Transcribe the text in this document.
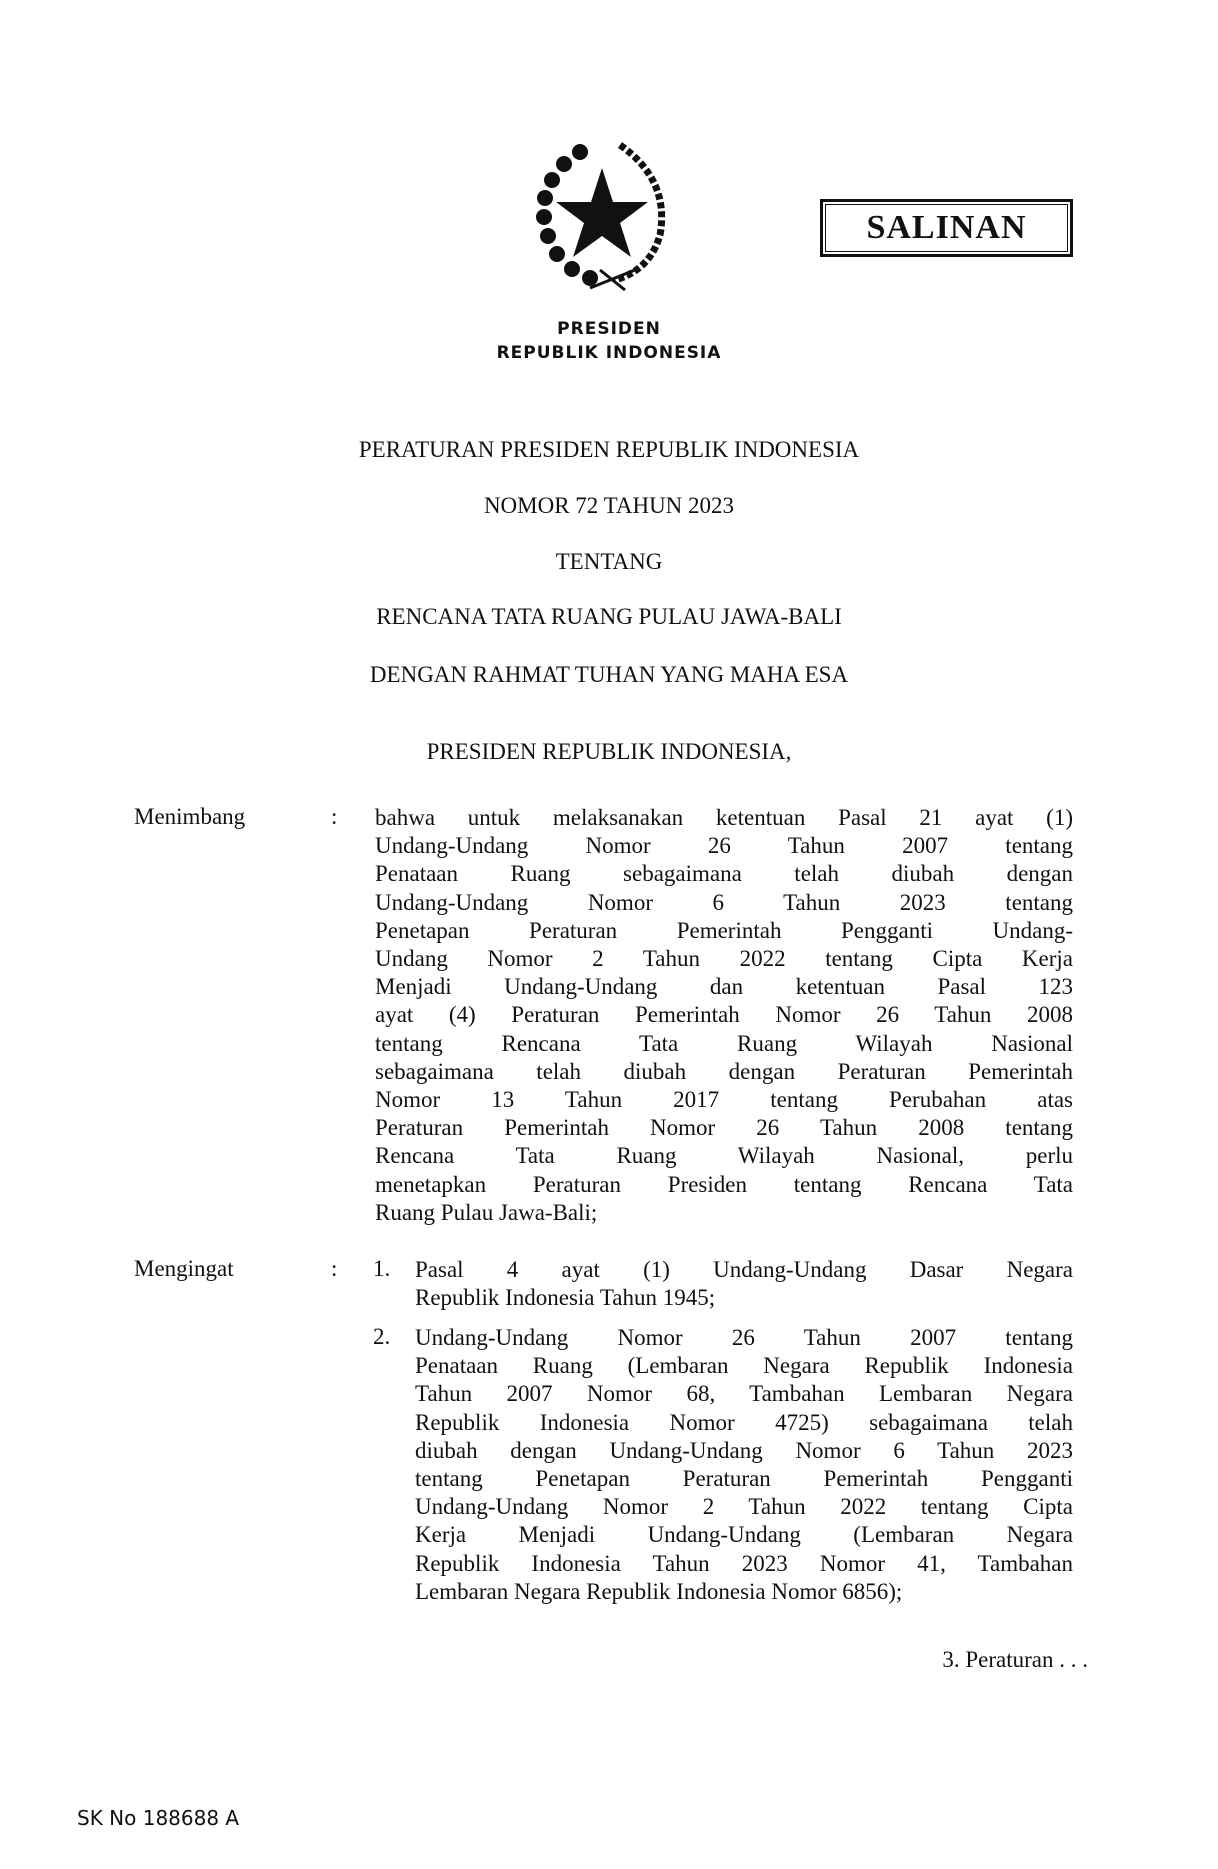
SALINAN
PRESIDEN
REPUBLIK INDONESIA
PERATURAN PRESIDEN REPUBLIK INDONESIA
NOMOR 72 TAHUN 2023
TENTANG
RENCANA TATA RUANG PULAU JAWA-BALI
DENGAN RAHMAT TUHAN YANG MAHA ESA
PRESIDEN REPUBLIK INDONESIA,
Menimbang	: bahwa untuk melaksanakan ketentuan Pasal 21 ayat (1)
Undang-Undang Nomor 26 Tahun 2007 tentang
Penataan Ruang sebagaimana telah diubah dengan
Undang-Undang Nomor 6 Tahun 2023 tentang
Penetapan Peraturan Pemerintah Pengganti Undang-
Undang Nomor 2 Tahun 2022 tentang Cipta Kerja
Menjadi Undang-Undang dan ketentuan Pasal 123
ayat (4) Peraturan Pemerintah Nomor 26 Tahun 2008
tentang Rencana Tata Ruang Wilayah Nasional
sebagaimana telah diubah dengan Peraturan Pemerintah
Nomor 13 Tahun 2017 tentang Perubahan atas
Peraturan Pemerintah Nomor 26 Tahun 2008 tentang
Rencana Tata Ruang Wilayah Nasional, perlu
menetapkan Peraturan Presiden tentang Rencana Tata
Ruang Pulau Jawa-Bali;
Mengingat	: 1. Pasal 4 ayat (1) Undang-Undang Dasar Negara
Republik Indonesia Tahun 1945;
2. Undang-Undang Nomor 26 Tahun 2007 tentang
Penataan Ruang (Lembaran Negara Republik Indonesia
Tahun 2007 Nomor 68, Tambahan Lembaran Negara
Republik Indonesia Nomor 4725) sebagaimana telah
diubah dengan Undang-Undang Nomor 6 Tahun 2023
tentang Penetapan Peraturan Pemerintah Pengganti
Undang-Undang Nomor 2 Tahun 2022 tentang Cipta
Kerja Menjadi Undang-Undang (Lembaran Negara
Republik Indonesia Tahun 2023 Nomor 41, Tambahan
Lembaran Negara Republik Indonesia Nomor 6856);
3. Peraturan . . .
SK No 188688 A
